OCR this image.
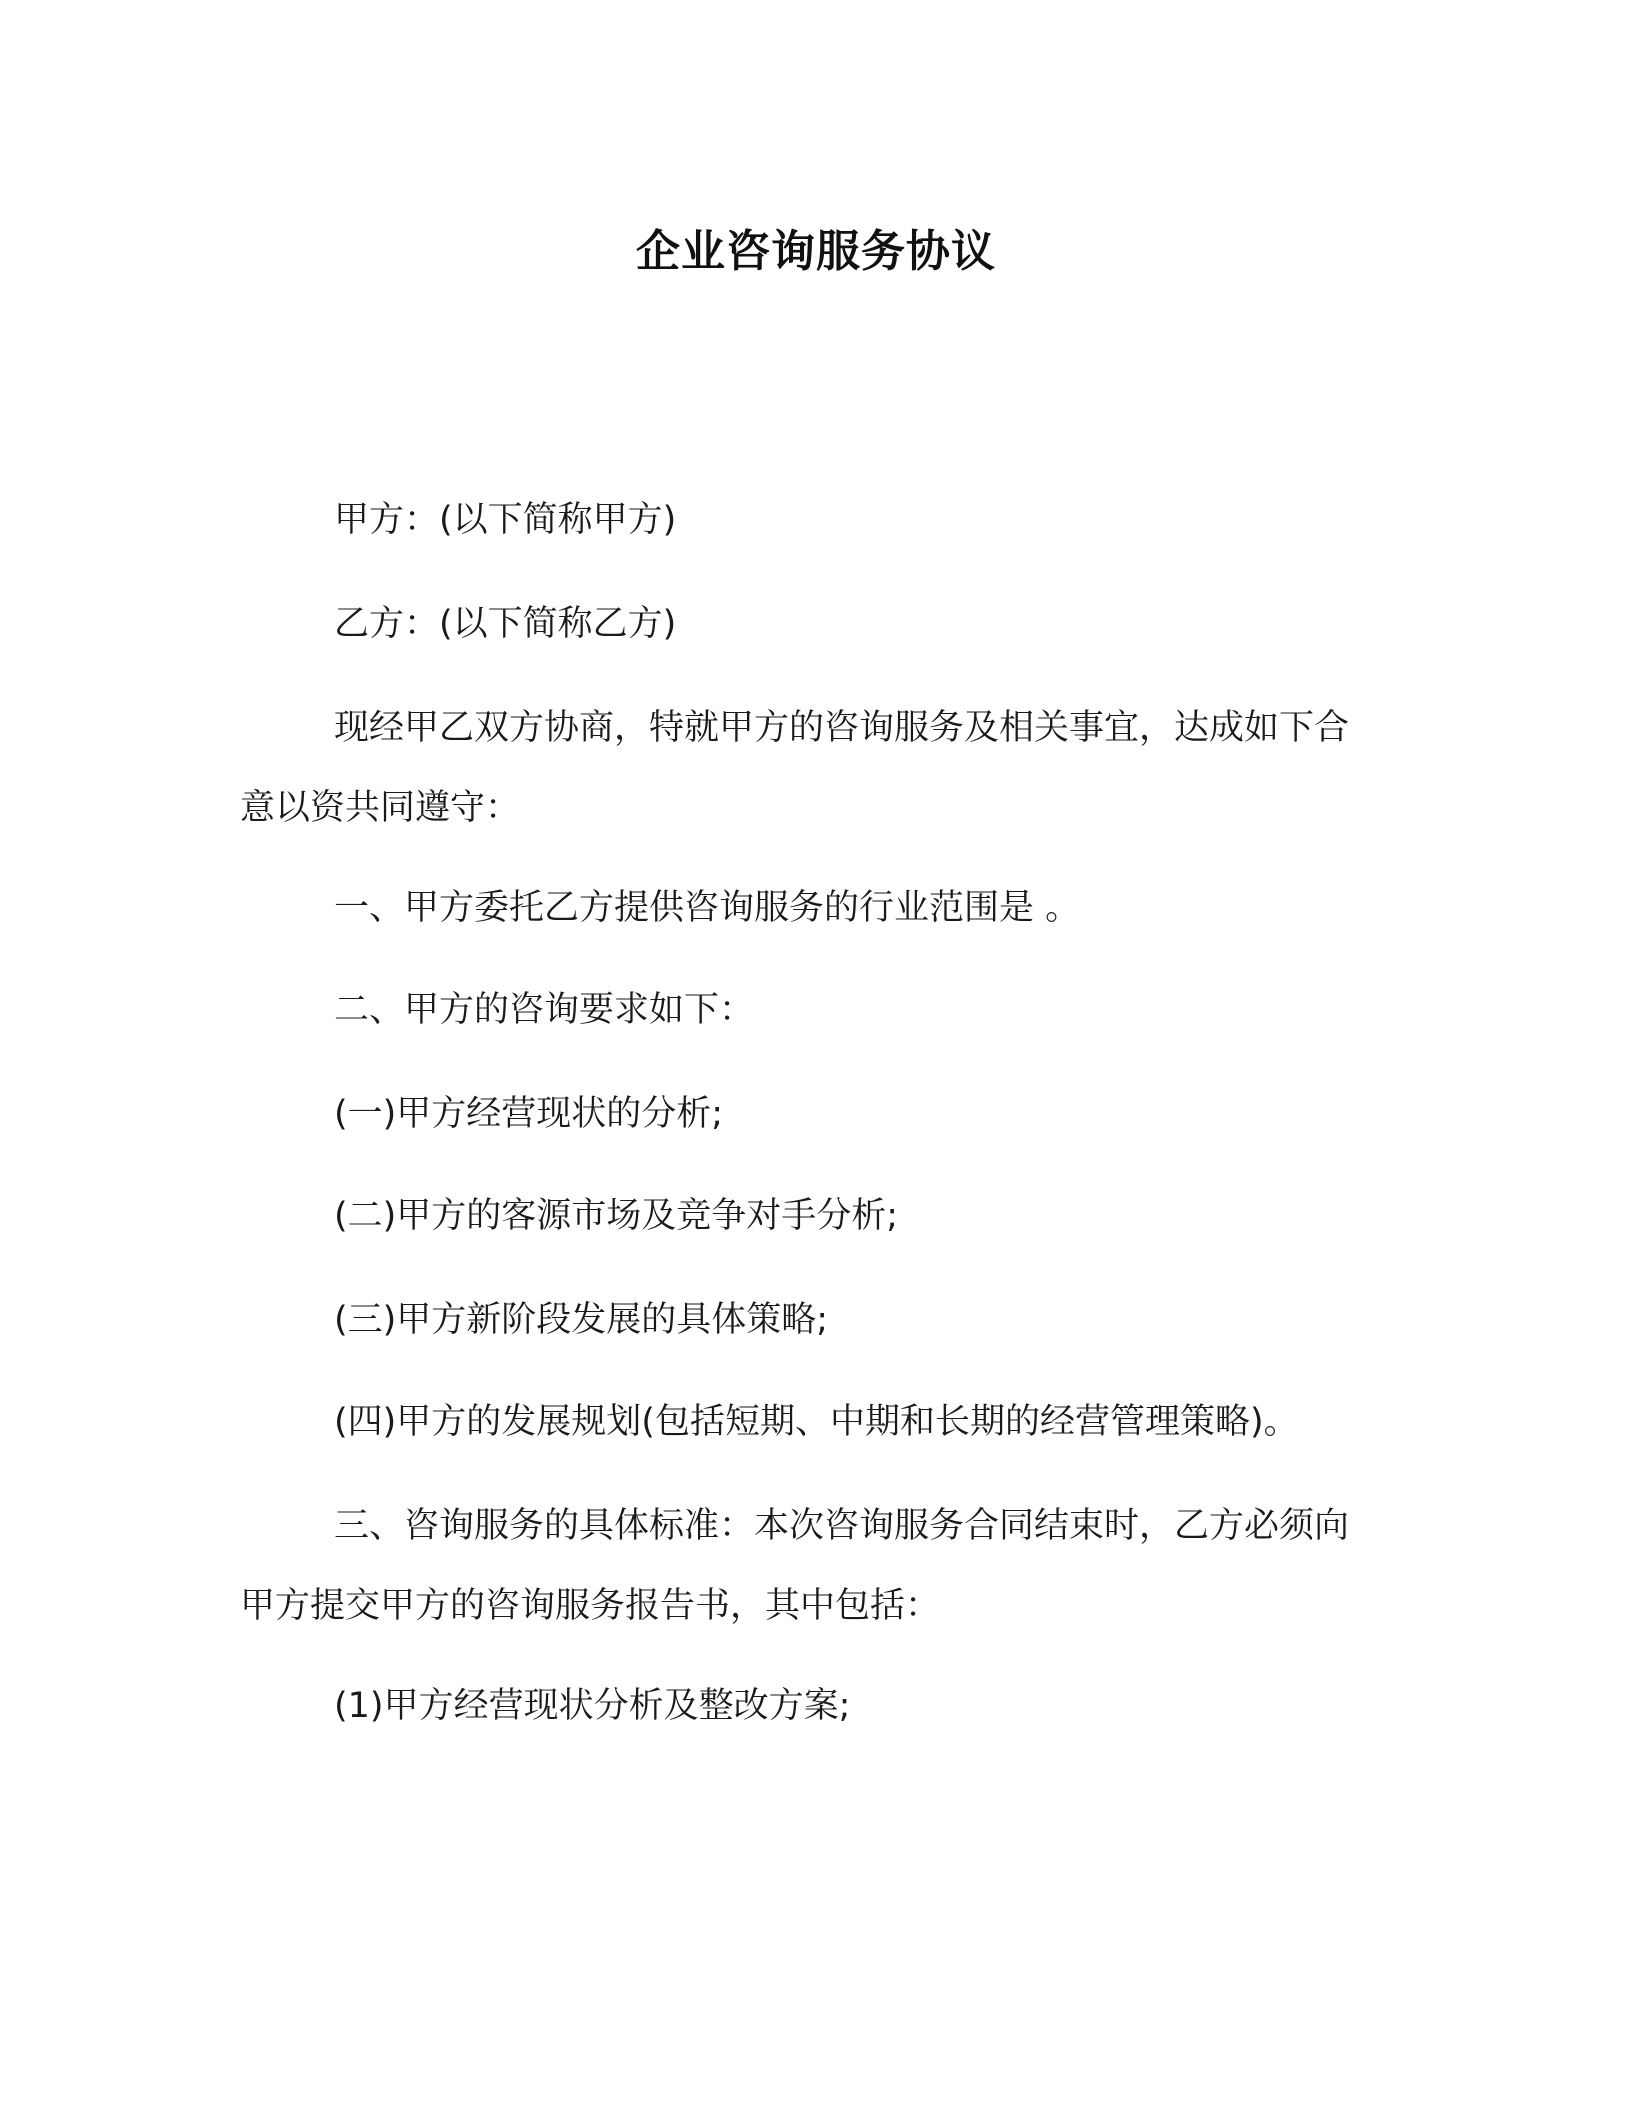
企业咨询服务协议
甲方：(以下简称甲方)
乙方：(以下简称乙方)
现经甲乙双方协商，特就甲方的咨询服务及相关事宜，达成如下合意以资共同遵守：
一、甲方委托乙方提供咨询服务的行业范围是 。
二、甲方的咨询要求如下：
(一)甲方经营现状的分析;
(二)甲方的客源市场及竞争对手分析;
(三)甲方新阶段发展的具体策略;
(四)甲方的发展规划(包括短期、中期和长期的经营管理策略)。
三、咨询服务的具体标准：本次咨询服务合同结束时，乙方必须向甲方提交甲方的咨询服务报告书，其中包括：
(1)甲方经营现状分析及整改方案;
